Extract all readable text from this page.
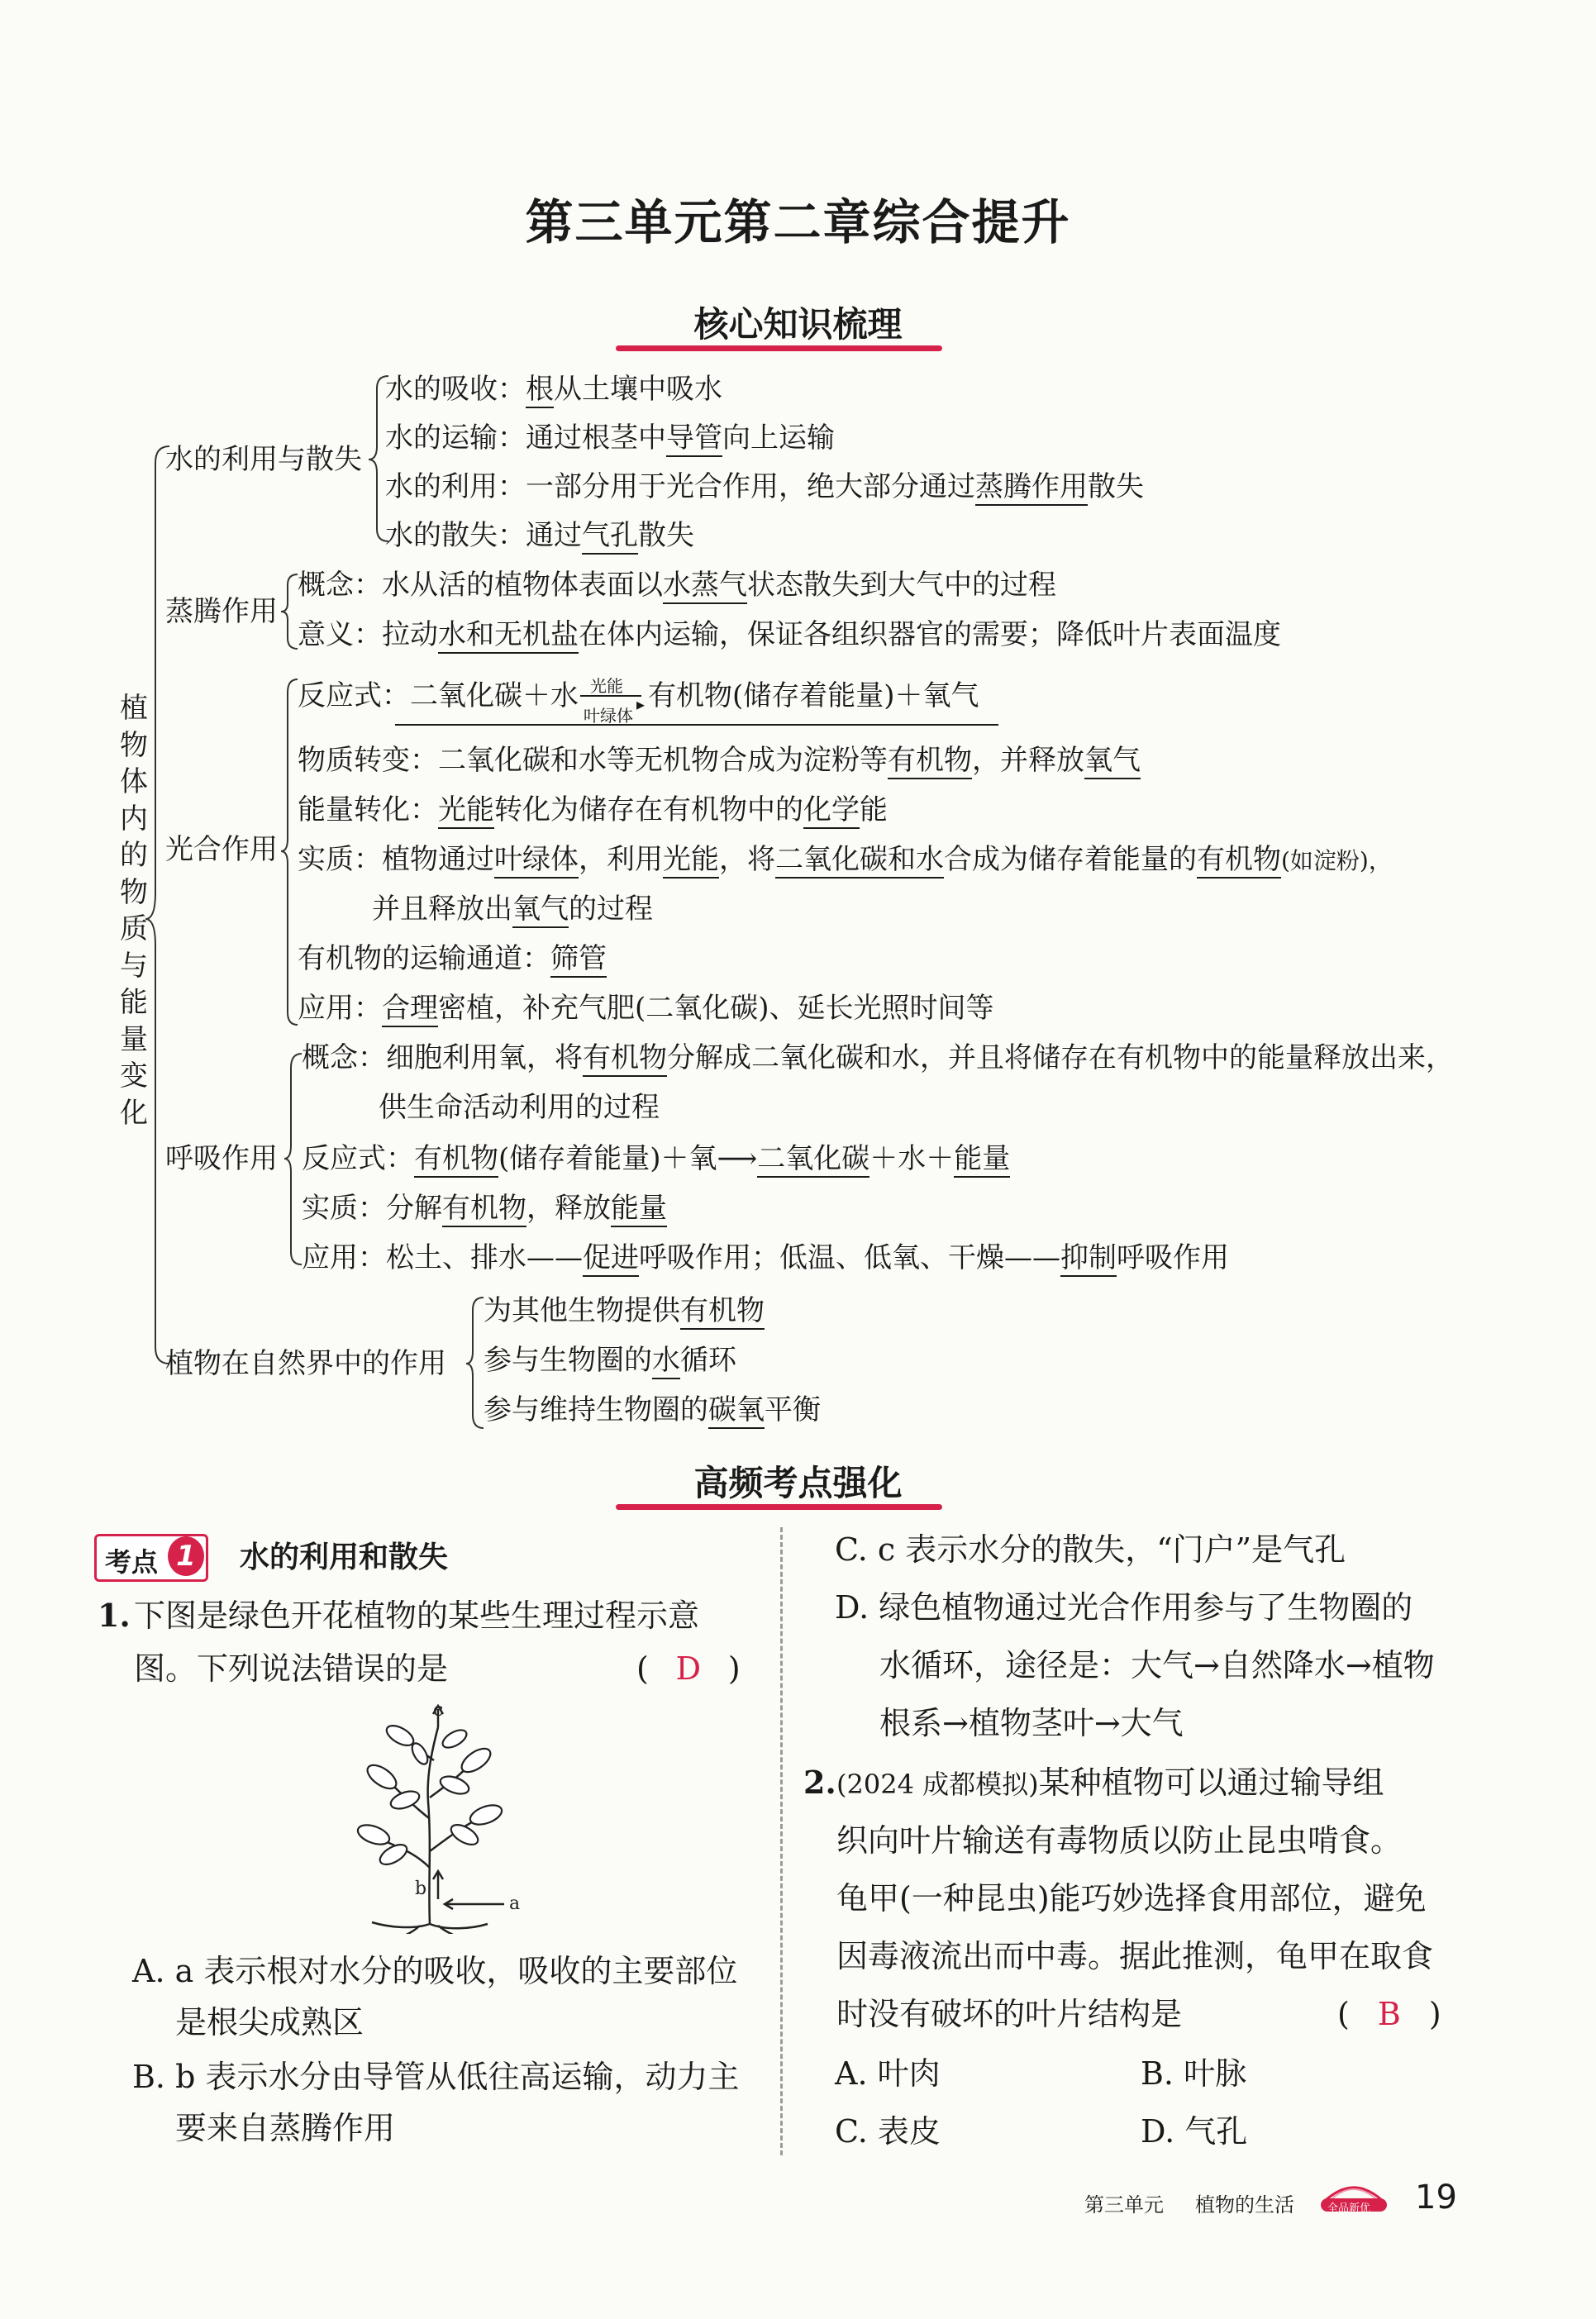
第三单元第二章综合提升
核心知识梳理
植物体内的物质与能量变化
水的利用与散失
水的吸收：根从土壤中吸水
水的运输：通过根茎中导管向上运输
水的利用：一部分用于光合作用，绝大部分通过蒸腾作用散失
水的散失：通过气孔散失
蒸腾作用
概念：水从活的植物体表面以水蒸气状态散失到大气中的过程
意义：拉动水和无机盐在体内运输，保证各组织器官的需要；降低叶片表面温度
光合作用
反应式：二氧化碳＋水 光能
▸
叶绿体
有机物(储存着能量)＋氧气
物质转变：二氧化碳和水等无机物合成为淀粉等有机物，并释放氧气
能量转化：光能转化为储存在有机物中的化学能
实质：植物通过叶绿体，利用光能，将二氧化碳和水合成为储存着能量的有机物(如淀粉)，
并且释放出氧气的过程
有机物的运输通道：筛管
应用：合理密植，补充气肥(二氧化碳)、延长光照时间等
呼吸作用
概念：细胞利用氧，将有机物分解成二氧化碳和水，并且将储存在有机物中的能量释放出来，
供生命活动利用的过程
反应式：有机物(储存着能量)＋氧⟶二氧化碳＋水＋能量
实质：分解有机物，释放能量
应用：松土、排水——促进呼吸作用；低温、低氧、干燥——抑制呼吸作用
植物在自然界中的作用
为其他生物提供有机物
参与生物圈的水循环
参与维持生物圈的碳氧平衡
高频考点强化
考点 1 水的利用和散失
1. 下图是绿色开花植物的某些生理过程示意
图。下列说法错误的是	( D )
c
b
a
A. a 表示根对水分的吸收，吸收的主要部位
是根尖成熟区
B. b 表示水分由导管从低往高运输，动力主
要来自蒸腾作用
C. c 表示水分的散失，“门户”是气孔
D. 绿色植物通过光合作用参与了生物圈的
水循环，途径是：大气→自然降水→植物
根系→植物茎叶→大气
2. (2024 成都模拟)某种植物可以通过输导组
织向叶片输送有毒物质以防止昆虫啃食。
龟甲(一种昆虫)能巧妙选择食用部位，避免
因毒液流出而中毒。据此推测，龟甲在取食
时没有破坏的叶片结构是	( B )
A. 叶肉	B. 叶脉
C. 表皮	D. 气孔
第三单元 植物的生活	全品新优 19
